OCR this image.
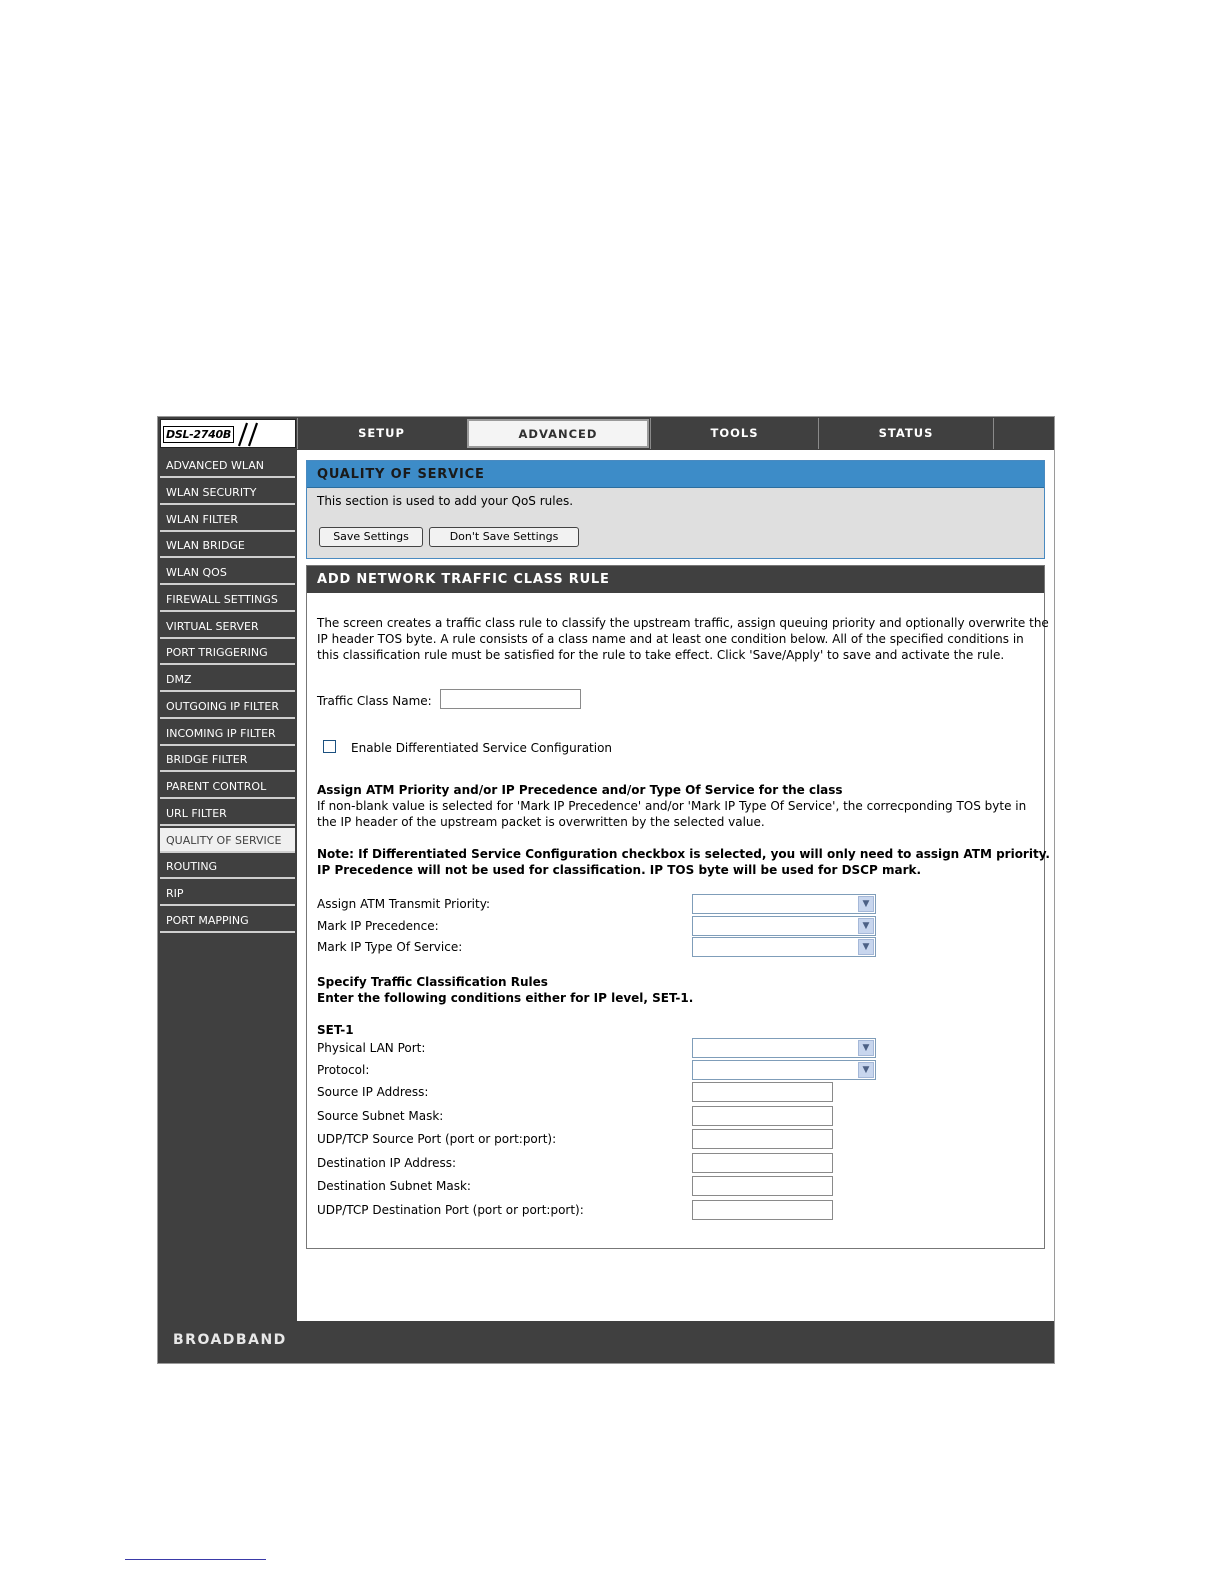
DSL-2740B	SETUP	ADVANCED	TOOLS	STATUS
ADVANCED WLAN
WLAN SECURITY
WLAN FILTER
WLAN BRIDGE
WLAN QOS
FIREWALL SETTINGS
VIRTUAL SERVER
PORT TRIGGERING
DMZ
OUTGOING IP FILTER
INCOMING IP FILTER
BRIDGE FILTER
PARENT CONTROL
URL FILTER
QUALITY OF SERVICE
ROUTING
RIP
PORT MAPPING
QUALITY OF SERVICE
This section is used to add your QoS rules.
Save Settings	Don't Save Settings
ADD NETWORK TRAFFIC CLASS RULE
The screen creates a traffic class rule to classify the upstream traffic, assign queuing priority and optionally overwrite the
IP header TOS byte. A rule consists of a class name and at least one condition below. All of the specified conditions in
this classification rule must be satisfied for the rule to take effect. Click 'Save/Apply' to save and activate the rule.
Traffic Class Name:
Enable Differentiated Service Configuration
Assign ATM Priority and/or IP Precedence and/or Type Of Service for the class
If non-blank value is selected for 'Mark IP Precedence' and/or 'Mark IP Type Of Service', the correcponding TOS byte in
the IP header of the upstream packet is overwritten by the selected value.
Note: If Differentiated Service Configuration checkbox is selected, you will only need to assign ATM priority.
IP Precedence will not be used for classification. IP TOS byte will be used for DSCP mark.
Assign ATM Transmit Priority:	▼
Mark IP Precedence:	▼
Mark IP Type Of Service:	▼
Specify Traffic Classification Rules
Enter the following conditions either for IP level, SET-1.
SET-1
Physical LAN Port:	▼
Protocol:	▼
Source IP Address:
Source Subnet Mask:
UDP/TCP Source Port (port or port:port):
Destination IP Address:
Destination Subnet Mask:
UDP/TCP Destination Port (port or port:port):
BROADBAND
